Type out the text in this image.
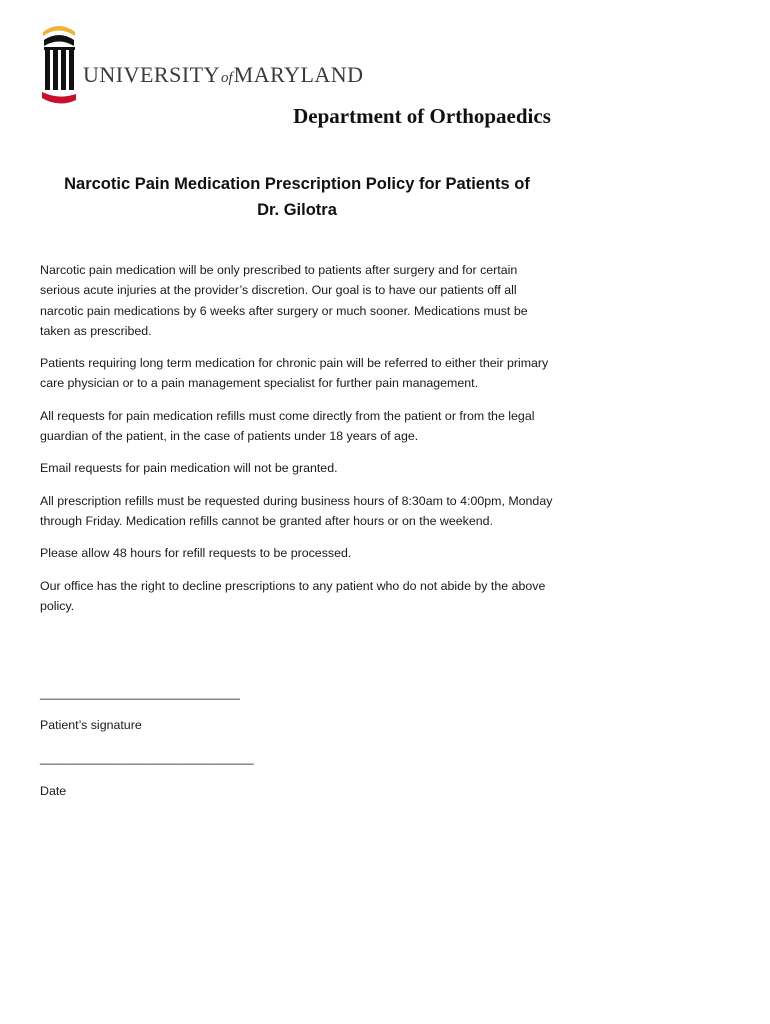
UNIVERSITYofMARYLAND
Department of Orthopaedics
Narcotic Pain Medication Prescription Policy for Patients of
Dr. Gilotra

Narcotic pain medication will be only prescribed to patients after surgery and for certain serious acute injuries at the provider’s discretion. Our goal is to have our patients off all narcotic pain medications by 6 weeks after surgery or much sooner. Medications must be taken as prescribed.

Patients requiring long term medication for chronic pain will be referred to either their primary care physician or to a pain management specialist for further pain management.

All requests for pain medication refills must come directly from the patient or from the legal guardian of the patient, in the case of patients under 18 years of age.

Email requests for pain medication will not be granted.

All prescription refills must be requested during business hours of 8:30am to 4:00pm, Monday through Friday. Medication refills cannot be granted after hours or on the weekend.

Please allow 48 hours for refill requests to be processed.

Our office has the right to decline prescriptions to any patient who do not abide by the above policy.

_____________________________
Patient’s signature
_______________________________
Date
